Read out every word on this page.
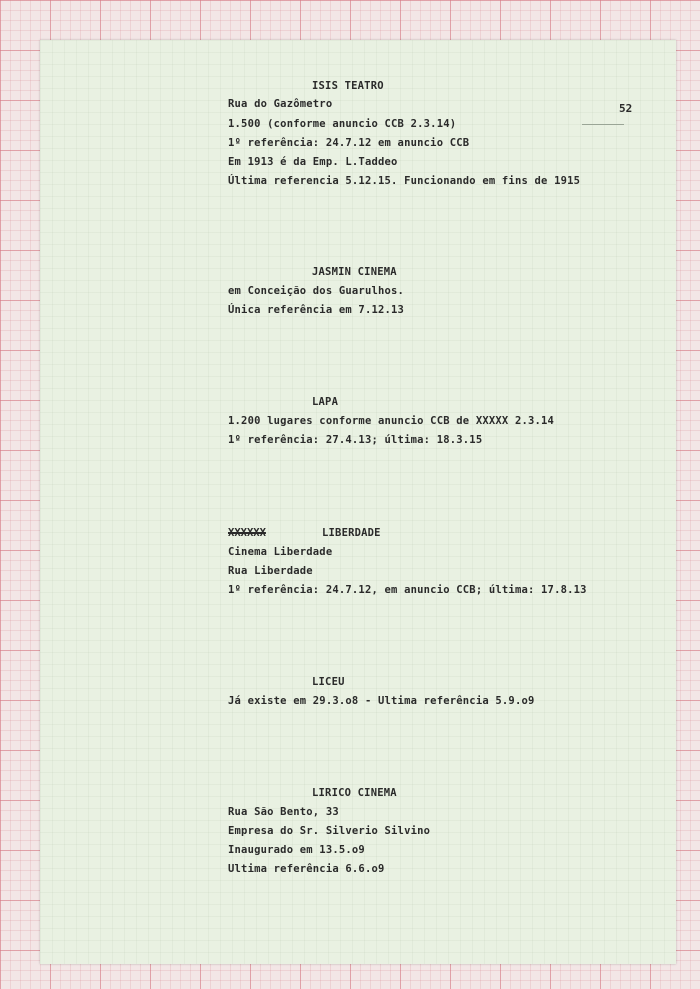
52

ISIS TEATRO

Rua do Gazômetro

1.500 (conforme anuncio CCB 2.3.14)

1º referência: 24.7.12 em anuncio CCB

Em 1913 é da Emp. L.Taddeo

Última referencia 5.12.15. Funcionando em fins de 1915

JASMIN CINEMA

em Conceição dos Guarulhos.

Única referência em 7.12.13

LAPA

1.200 lugares conforme anuncio CCB de XXXXX 2.3.14

1º referência: 27.4.13; última: 18.3.15

XXXXXX	LIBERDADE

Cinema Liberdade

Rua Liberdade

1º referência: 24.7.12, em anuncio CCB; última: 17.8.13

LICEU

Já existe em 29.3.o8 - Ultima referência 5.9.o9

LIRICO CINEMA

Rua São Bento, 33

Empresa do Sr. Silverio Silvino

Inaugurado em 13.5.o9

Ultima referência 6.6.o9
